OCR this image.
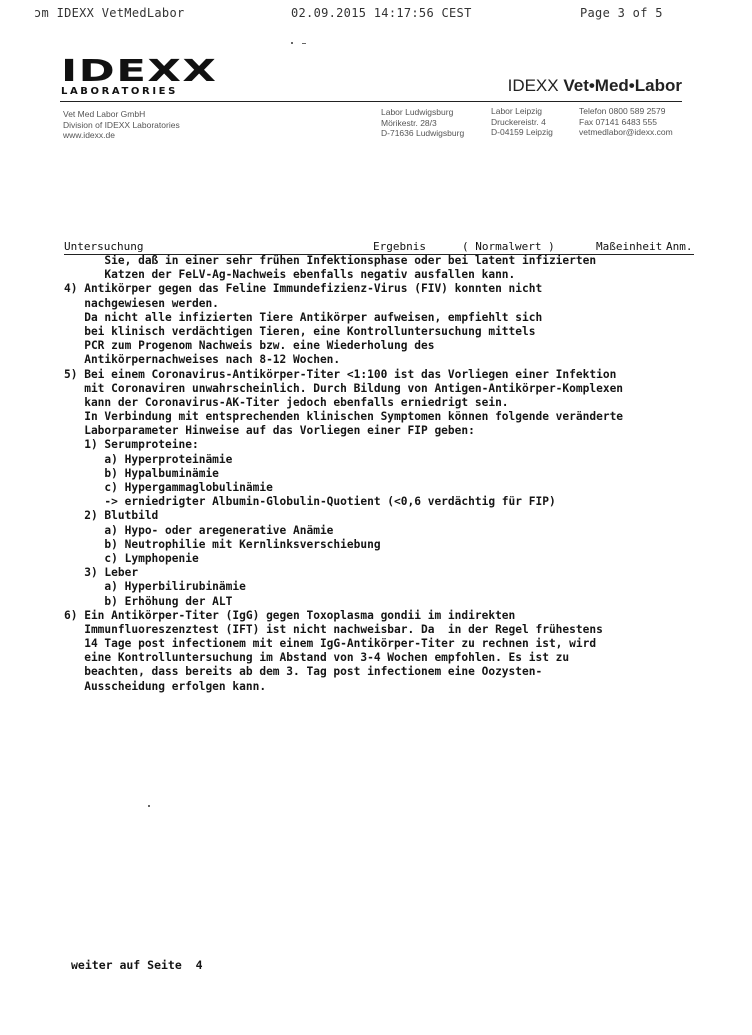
ɔm IDEXX VetMedLabor	02.09.2015 14:17:56 CEST	Page 3 of 5
IDEXX
LABORATORIES	IDEXX Vet•Med•Labor
Vet Med Labor GmbH
Division of IDEXX Laboratories
www.idexx.de
Labor Ludwigsburg
Mörikestr. 28/3
D-71636 Ludwigsburg
Labor Leipzig
Druckereistr. 4
D-04159 Leipzig
Telefon 0800 589 2579
Fax 07141 6483 555
vetmedlabor@idexx.com
Untersuchung	Ergebnis	( Normalwert )	Maßeinheit Anm.
Sie, daß in einer sehr frühen Infektionsphase oder bei latent infizierten
Katzen der FeLV-Ag-Nachweis ebenfalls negativ ausfallen kann.
4) Antikörper gegen das Feline Immundefizienz-Virus (FIV) konnten nicht
nachgewiesen werden.
Da nicht alle infizierten Tiere Antikörper aufweisen, empfiehlt sich
bei klinisch verdächtigen Tieren, eine Kontrolluntersuchung mittels
PCR zum Progenom Nachweis bzw. eine Wiederholung des
Antikörpernachweises nach 8-12 Wochen.
5) Bei einem Coronavirus-Antikörper-Titer <1:100 ist das Vorliegen einer Infektion
mit Coronaviren unwahrscheinlich. Durch Bildung von Antigen-Antikörper-Komplexen
kann der Coronavirus-AK-Titer jedoch ebenfalls erniedrigt sein.
In Verbindung mit entsprechenden klinischen Symptomen können folgende veränderte
Laborparameter Hinweise auf das Vorliegen einer FIP geben:
1) Serumproteine:
a) Hyperproteinämie
b) Hypalbuminämie
c) Hypergammaglobulinämie
-> erniedrigter Albumin-Globulin-Quotient (<0,6 verdächtig für FIP)
2) Blutbild
a) Hypo- oder aregenerative Anämie
b) Neutrophilie mit Kernlinksverschiebung
c) Lymphopenie
3) Leber
a) Hyperbilirubinämie
b) Erhöhung der ALT
6) Ein Antikörper-Titer (IgG) gegen Toxoplasma gondii im indirekten
Immunfluoreszenztest (IFT) ist nicht nachweisbar. Da  in der Regel frühestens
14 Tage post infectionem mit einem IgG-Antikörper-Titer zu rechnen ist, wird
eine Kontrolluntersuchung im Abstand von 3-4 Wochen empfohlen. Es ist zu
beachten, dass bereits ab dem 3. Tag post infectionem eine Oozysten-
Ausscheidung erfolgen kann.
weiter auf Seite  4
